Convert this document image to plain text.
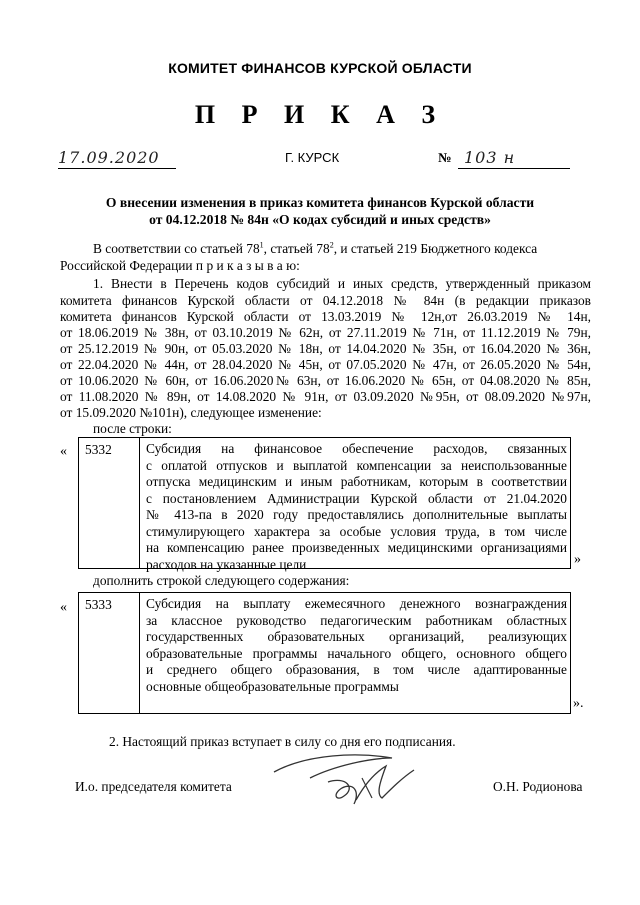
КОМИТЕТ ФИНАНСОВ КУРСКОЙ ОБЛАСТИ
П Р И К А З
17.09.2020	Г. КУРСК	№ 103 н
О внесении изменения в приказ комитета финансов Курской области
от 04.12.2018 № 84н «О кодах субсидий и иных средств»
В соответствии со статьей $78^1$, статьей $78^2$, и статьей 219 Бюджетного кодекса
Российской Федерации п р и к а з ы в а ю:
1. Внести в Перечень кодов субсидий и иных средств, утвержденный приказом
комитета финансов Курской области от 04.12.2018 № 84н (в редакции приказов
комитета финансов Курской области от 13.03.2019 № 12н,от 26.03.2019 № 14н,
от 18.06.2019 № 38н, от 03.10.2019 № 62н, от 27.11.2019 № 71н, от 11.12.2019 № 79н,
от 25.12.2019 № 90н, от 05.03.2020 № 18н, от 14.04.2020 № 35н, от 16.04.2020 № 36н,
от 22.04.2020 № 44н, от 28.04.2020 № 45н, от 07.05.2020 № 47н, от 26.05.2020 № 54н,
от 10.06.2020 № 60н, от 16.06.2020№ 63н, от 16.06.2020 № 65н, от 04.08.2020 № 85н,
от 11.08.2020 № 89н, от 14.08.2020 № 91н, от 03.09.2020 №95н, от 08.09.2020 №97н,
от 15.09.2020 №101н), следующее изменение:
после строки:
«	5332	Субсидия на финансовое обеспечение расходов, связанных
с оплатой отпусков и выплатой компенсации за неиспользованные
отпуска медицинским и иным работникам, которым в соответствии
с постановлением Администрации Курской области от 21.04.2020
№ 413-па в 2020 году предоставлялись дополнительные выплаты
стимулирующего характера за особые условия труда, в том числе
на компенсацию ранее произведенных медицинскими организациями
расходов на указанные цели	»
дополнить строкой следующего содержания:
«	5333	Субсидия на выплату ежемесячного денежного вознаграждения
за классное руководство педагогическим работникам областных
государственных образовательных организаций, реализующих
образовательные программы начального общего, основного общего
и среднего общего образования, в том числе адаптированные
основные общеобразовательные программы
».
2. Настоящий приказ вступает в силу со дня его подписания.
И.о. председателя комитета	О.Н. Родионова
